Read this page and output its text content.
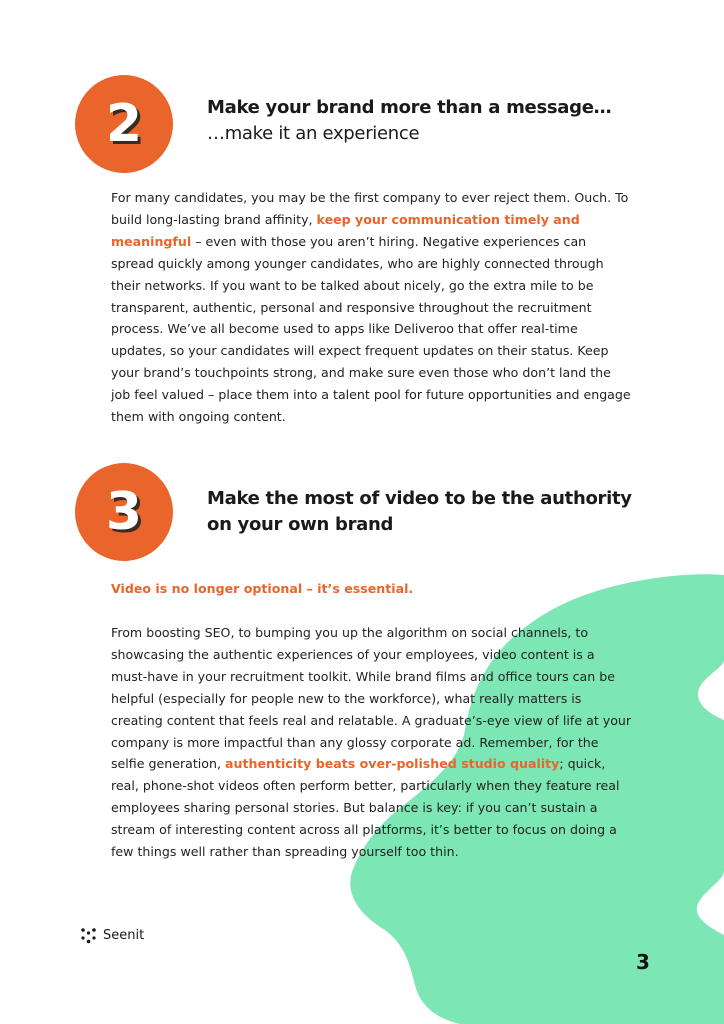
2	Make your brand more than a message…
…make it an experience
For many candidates, you may be the first company to ever reject them. Ouch. To build long-lasting brand affinity, keep your communication timely and meaningful – even with those you aren’t hiring. Negative experiences can spread quickly among younger candidates, who are highly connected through their networks. If you want to be talked about nicely, go the extra mile to be transparent, authentic, personal and responsive throughout the recruitment process. We’ve all become used to apps like Deliveroo that offer real-time updates, so your candidates will expect frequent updates on their status. Keep your brand’s touchpoints strong, and make sure even those who don’t land the job feel valued – place them into a talent pool for future opportunities and engage them with ongoing content.
3	Make the most of video to be the authority
on your own brand
Video is no longer optional – it’s essential.
From boosting SEO, to bumping you up the algorithm on social channels, to showcasing the authentic experiences of your employees, video content is a must-have in your recruitment toolkit. While brand films and office tours can be helpful (especially for people new to the workforce), what really matters is creating content that feels real and relatable. A graduate’s-eye view of life at your company is more impactful than any glossy corporate ad. Remember, for the selfie generation, authenticity beats over-polished studio quality; quick, real, phone-shot videos often perform better, particularly when they feature real employees sharing personal stories. But balance is key: if you can’t sustain a stream of interesting content across all platforms, it’s better to focus on doing a few things well rather than spreading yourself too thin.
Seenit
3
